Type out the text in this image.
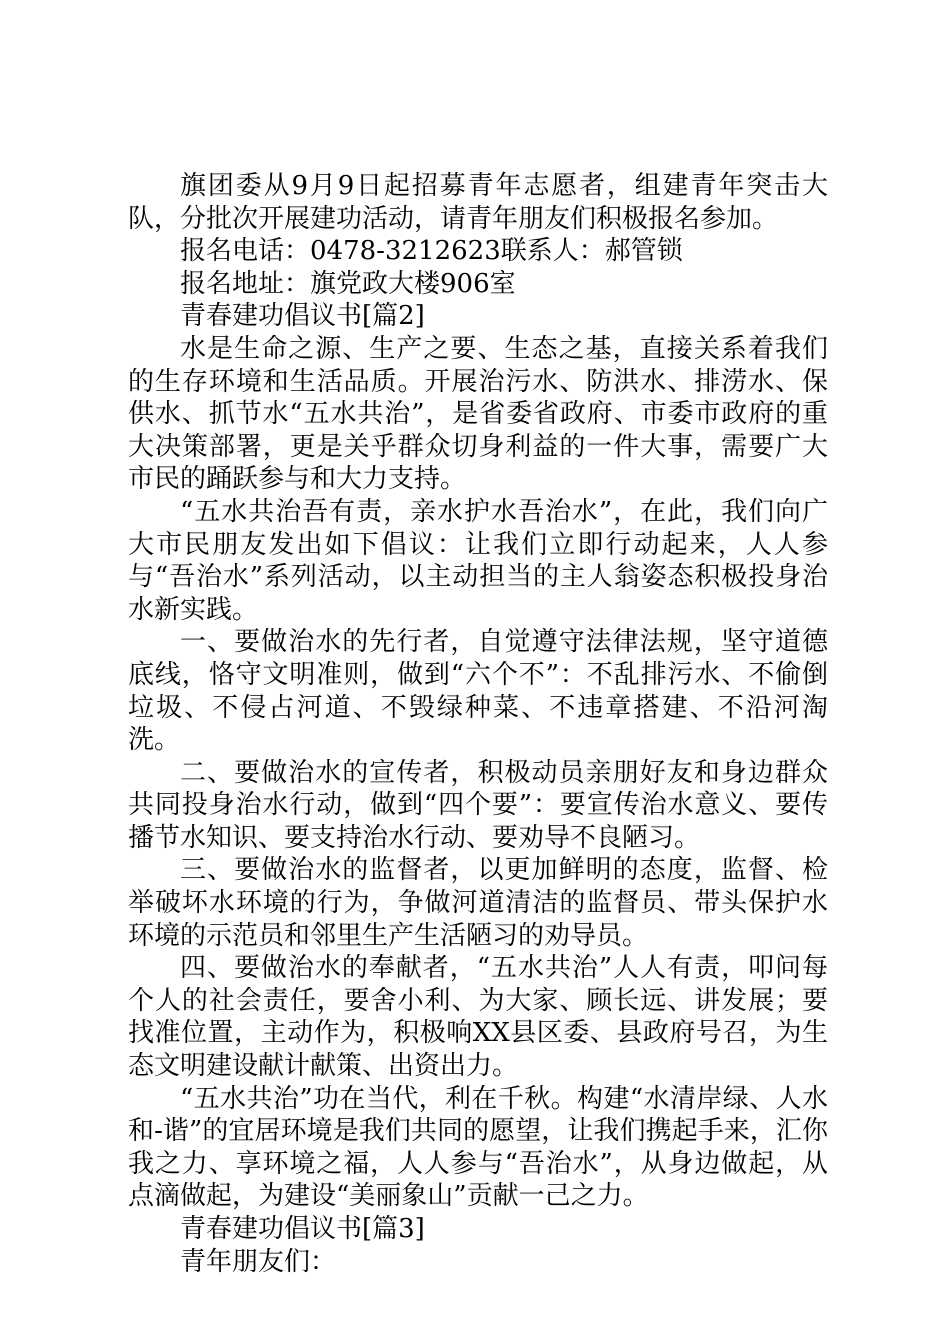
旗团委从9月9日起招募青年志愿者，组建青年突击大队，分批次开展建功活动，请青年朋友们积极报名参加。

报名电话：0478-3212623联系人：郝管锁

报名地址：旗党政大楼906室

青春建功倡议书[篇2]

水是生命之源、生产之要、生态之基，直接关系着我们的生存环境和生活品质。开展治污水、防洪水、排涝水、保供水、抓节水“五水共治”，是省委省政府、市委市政府的重大决策部署，更是关乎群众切身利益的一件大事，需要广大市民的踊跃参与和大力支持。

“五水共治吾有责，亲水护水吾治水”，在此，我们向广大市民朋友发出如下倡议：让我们立即行动起来，人人参与“吾治水”系列活动，以主动担当的主人翁姿态积极投身治水新实践。

一、要做治水的先行者，自觉遵守法律法规，坚守道德底线，恪守文明准则，做到“六个不”：不乱排污水、不偷倒垃圾、不侵占河道、不毁绿种菜、不违章搭建、不沿河淘洗。

二、要做治水的宣传者，积极动员亲朋好友和身边群众共同投身治水行动，做到“四个要”：要宣传治水意义、要传播节水知识、要支持治水行动、要劝导不良陋习。

三、要做治水的监督者，以更加鲜明的态度，监督、检举破坏水环境的行为，争做河道清洁的监督员、带头保护水环境的示范员和邻里生产生活陋习的劝导员。

四、要做治水的奉献者，“五水共治”人人有责，叩问每个人的社会责任，要舍小利、为大家、顾长远、讲发展；要找准位置，主动作为，积极响XX县区委、县政府号召，为生态文明建设献计献策、出资出力。

“五水共治”功在当代，利在千秋。构建“水清岸绿、人水和-谐”的宜居环境是我们共同的愿望，让我们携起手来，汇你我之力、享环境之福，人人参与“吾治水”，从身边做起，从点滴做起，为建设“美丽象山”贡献一己之力。

青春建功倡议书[篇3]

青年朋友们：
